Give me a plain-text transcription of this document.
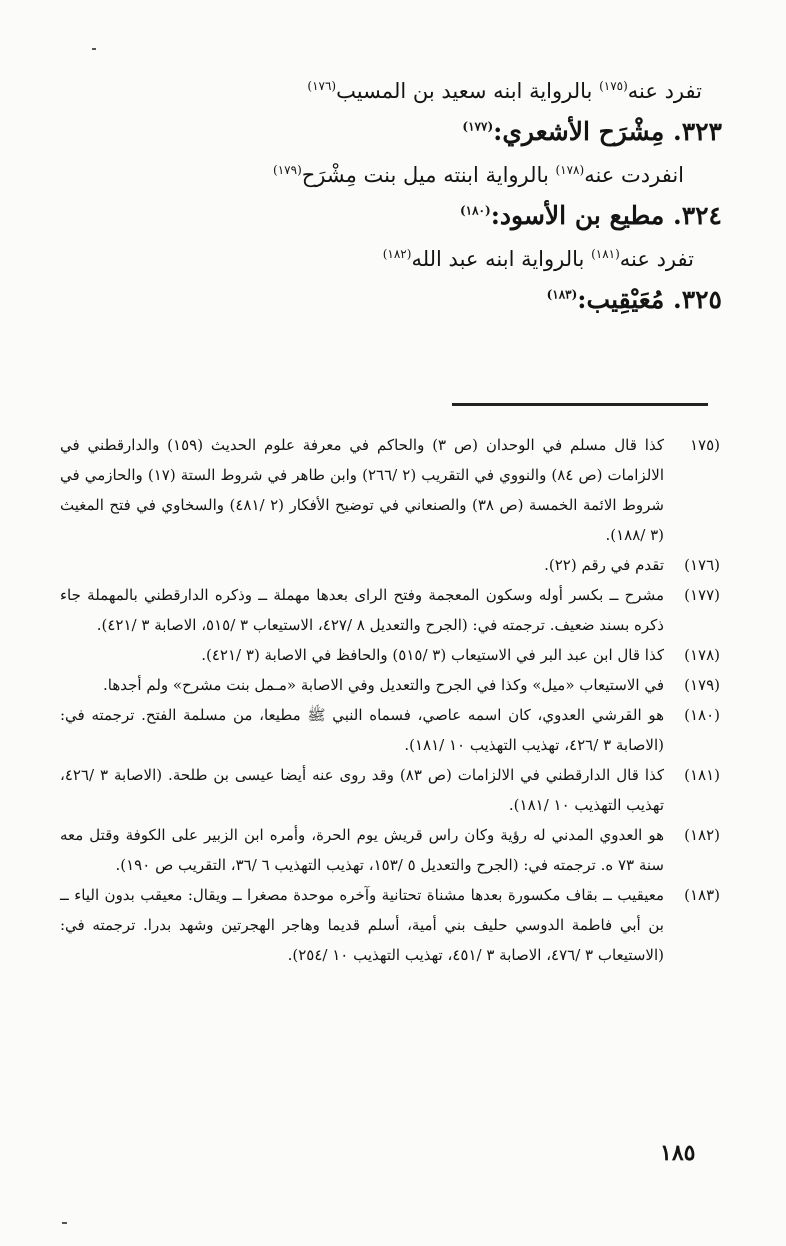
تفرد عنه$^{(١٧٥)}$ بالرواية ابنه سعيد بن المسيب$^{(١٧٦)}$

٣٢٣. مِشْرَح الأشعري:$^{(١٧٧)}$

انفردت عنه$^{(١٧٨)}$ بالرواية ابنته ميل بنت مِشْرَح$^{(١٧٩)}$

٣٢٤. مطيع بن الأسود:$^{(١٨٠)}$

تفرد عنه$^{(١٨١)}$ بالرواية ابنه عبد الله$^{(١٨٢)}$

٣٢٥. مُعَيْقِيب:$^{(١٨٣)}$

(١٧٥
كذا قال مسلم في الوحدان (ص ٣) والحاكم في معرفة علوم الحديث (١٥٩) والدارقطني في الالزامات (ص ٨٤) والنووي في التقريب (٢ /٢٦٦) وابن طاهر في شروط الستة (١٧) والحازمي في شروط الائمة الخمسة (ص ٣٨) والصنعاني في توضيح الأفكار (٢ /٤٨١) والسخاوي في فتح المغيث (٣ /١٨٨).
(١٧٦)
تقدم في رقم (٢٢).
(١٧٧)
مشرح ــ بكسر أوله وسكون المعجمة وفتح الراى بعدها مهملة ــ وذكره الدارقطني بالمهملة جاء ذكره بسند ضعيف. ترجمته في: (الجرح والتعديل ٨ /٤٢٧، الاستيعاب ٣ /٥١٥، الاصابة ٣ /٤٢١).
(١٧٨)
كذا قال ابن عبد البر في الاستيعاب (٣ /٥١٥) والحافظ في الاصابة (٣ /٤٢١).
(١٧٩)
في الاستيعاب «ميل» وكذا في الجرح والتعديل وفي الاصابة «مـمل بنت مشرح» ولم أجدها.
(١٨٠)
هو القرشي العدوي، كان اسمه عاصي، فسماه النبي ﷺ مطيعا، من مسلمة الفتح. ترجمته في: (الاصابة ٣ /٤٢٦، تهذيب التهذيب ١٠ /١٨١).
(١٨١)
كذا قال الدارقطني في الالزامات (ص ٨٣) وقد روى عنه أيضا عيسى بن طلحة. (الاصابة ٣ /٤٢٦، تهذيب التهذيب ١٠ /١٨١).
(١٨٢)
هو العدوي المدني له رؤية وكان راس قريش يوم الحرة، وأمره ابن الزبير على الكوفة وقتل معه سنة ٧٣ ه. ترجمته في: (الجرح والتعديل ٥ /١٥٣، تهذيب التهذيب ٦ /٣٦، التقريب ص ١٩٠).
(١٨٣)
معيقيب ــ بقاف مكسورة بعدها مشناة تحتانية وآخره موحدة مصغرا ــ ويقال: معيقب بدون الياء ــ بن أبي فاطمة الدوسي حليف بني أمية، أسلم قديما وهاجر الهجرتين وشهد بدرا. ترجمته في: (الاستيعاب ٣ /٤٧٦، الاصابة ٣ /٤٥١، تهذيب التهذيب ١٠ /٢٥٤).
١٨٥
